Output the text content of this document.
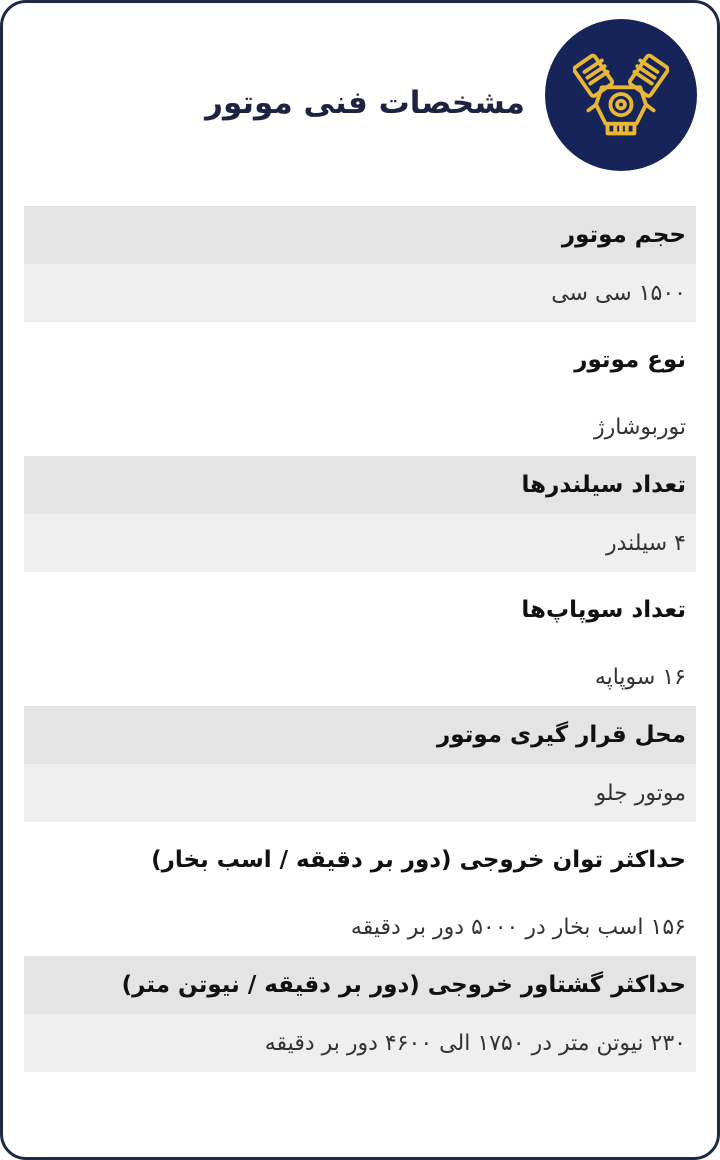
مشخصات فنی موتور
حجم موتور
۱۵۰۰ سی سی
نوع موتور
توربوشارژ
تعداد سیلندرها
۴ سیلندر
تعداد سوپاپ‌ها
۱۶ سوپاپه
محل قرار گیری موتور
موتور جلو
حداکثر توان خروجی (دور بر دقیقه / اسب بخار)
۱۵۶ اسب بخار در ۵۰۰۰ دور بر دقیقه
حداکثر گشتاور خروجی (دور بر دقیقه / نیوتن متر)
۲۳۰ نیوتن متر در ۱۷۵۰ الی ۴۶۰۰ دور بر دقیقه
